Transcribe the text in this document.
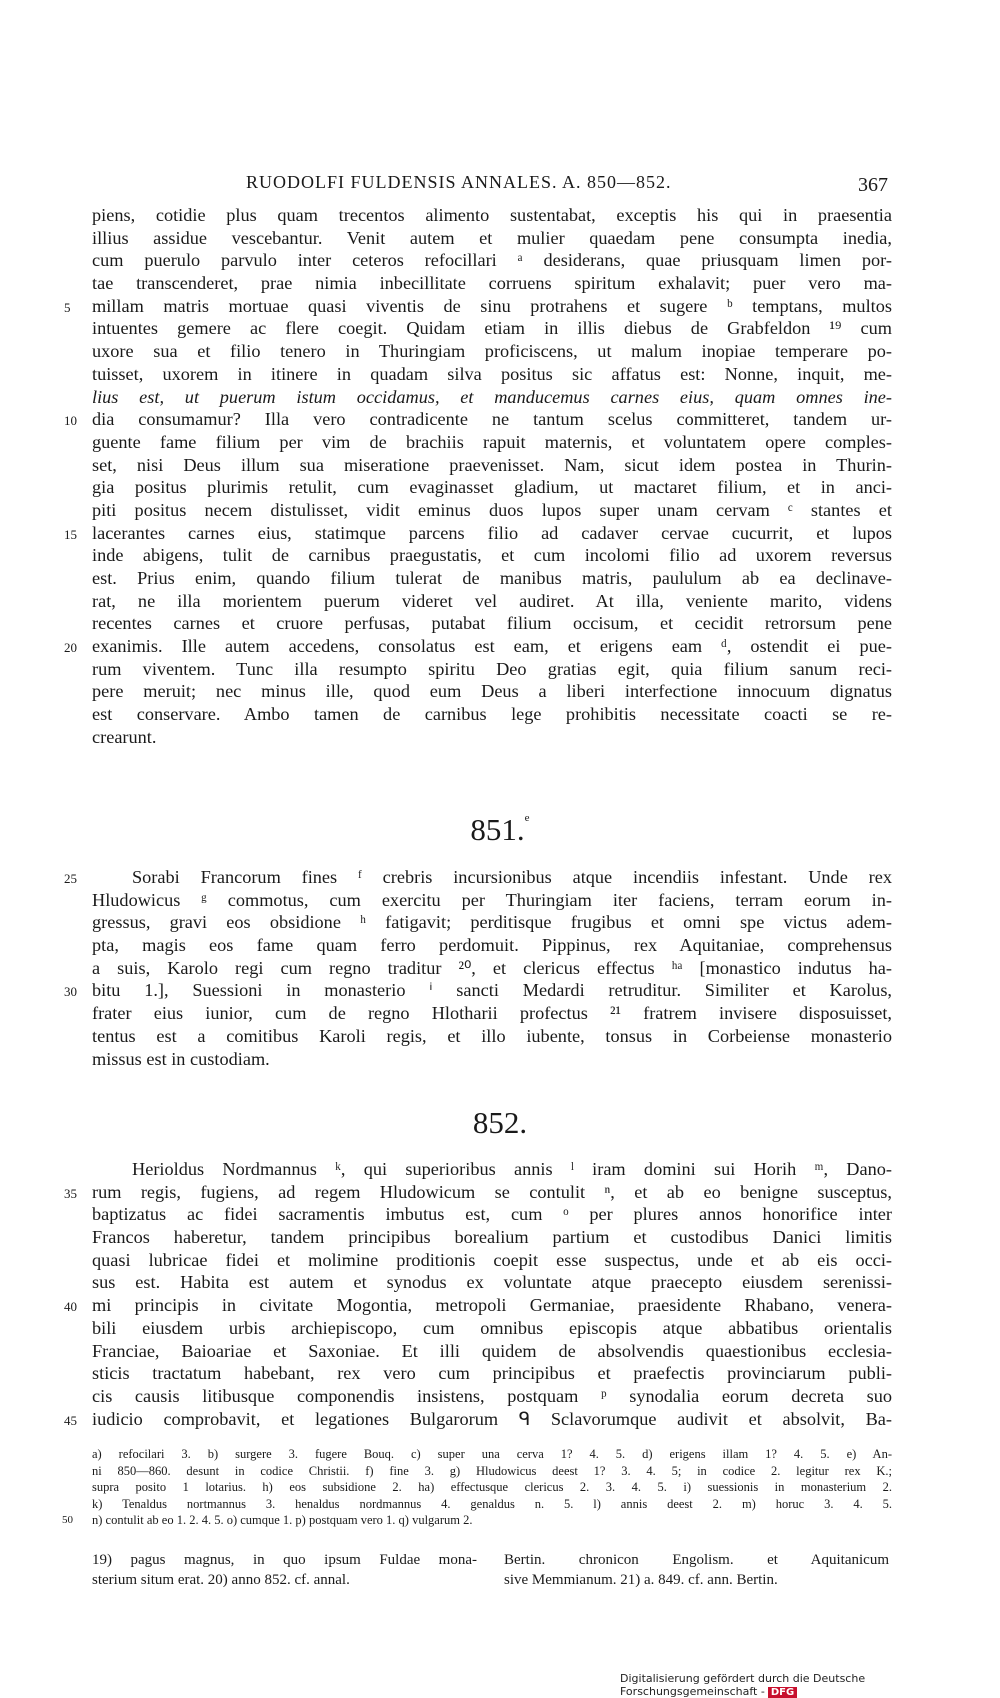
RUODOLFI FULDENSIS ANNALES. A. 850—852.	367
piens, cotidie plus quam trecentos alimento sustentabat, exceptis his qui in praesentia
illius assidue vescebantur. Venit autem et mulier quaedam pene consumpta inedia,
cum puerulo parvulo inter ceteros refocillari ᵃ desiderans, quae priusquam limen por-
tae transcenderet, prae nimia inbecillitate corruens spiritum exhalavit; puer vero ma-
5 millam matris mortuae quasi viventis de sinu protrahens et sugere ᵇ temptans, multos
intuentes gemere ac flere coegit. Quidam etiam in illis diebus de Grabfeldon ¹⁹ cum
uxore sua et filio tenero in Thuringiam proficiscens, ut malum inopiae temperare po-
tuisset, uxorem in itinere in quadam silva positus sic affatus est: Nonne, inquit, me-
lius est, ut puerum istum occidamus, et manducemus carnes eius, quam omnes ine-
10 dia consumamur? Illa vero contradicente ne tantum scelus committeret, tandem ur-
guente fame filium per vim de brachiis rapuit maternis, et voluntatem opere comples-
set, nisi Deus illum sua miseratione praevenisset. Nam, sicut idem postea in Thurin-
gia positus plurimis retulit, cum evaginasset gladium, ut mactaret filium, et in anci-
piti positus necem distulisset, vidit eminus duos lupos super unam cervam ᶜ stantes et
15 lacerantes carnes eius, statimque parcens filio ad cadaver cervae cucurrit, et lupos
inde abigens, tulit de carnibus praegustatis, et cum incolomi filio ad uxorem reversus
est. Prius enim, quando filium tulerat de manibus matris, paululum ab ea declinave-
rat, ne illa morientem puerum videret vel audiret. At illa, veniente marito, videns
recentes carnes et cruore perfusas, putabat filium occisum, et cecidit retrorsum pene
20 exanimis. Ille autem accedens, consolatus est eam, et erigens eam ᵈ, ostendit ei pue-
rum viventem. Tunc illa resumpto spiritu Deo gratias egit, quia filium sanum reci-
pere meruit; nec minus ille, quod eum Deus a liberi interfectione innocuum dignatus
est conservare. Ambo tamen de carnibus lege prohibitis necessitate coacti se re-
crearunt.
851.$^e$
25	Sorabi Francorum fines ᶠ crebris incursionibus atque incendiis infestant. Unde rex
Hludowicus ᵍ commotus, cum exercitu per Thuringiam iter faciens, terram eorum in-
gressus, gravi eos obsidione ʰ fatigavit; perditisque frugibus et omni spe victus adem-
pta, magis eos fame quam ferro perdomuit. Pippinus, rex Aquitaniae, comprehensus
a suis, Karolo regi cum regno traditur ²⁰, et clericus effectus ʰᵃ [monastico indutus ha-
30 bitu 1.], Suessioni in monasterio ⁱ sancti Medardi retruditur. Similiter et Karolus,
frater eius iunior, cum de regno Hlotharii profectus ²¹ fratrem invisere disposuisset,
tentus est a comitibus Karoli regis, et illo iubente, tonsus in Corbeiense monasterio
missus est in custodiam.
852.
Herioldus Nordmannus ᵏ, qui superioribus annis ˡ iram domini sui Horih ᵐ, Dano-
35 rum regis, fugiens, ad regem Hludowicum se contulit ⁿ, et ab eo benigne susceptus,
baptizatus ac fidei sacramentis imbutus est, cum ᵒ per plures annos honorifice inter
Francos haberetur, tandem principibus borealium partium et custodibus Danici limitis
quasi lubricae fidei et molimine proditionis coepit esse suspectus, unde et ab eis occi-
sus est. Habita est autem et synodus ex voluntate atque praecepto eiusdem serenissi-
40 mi principis in civitate Mogontia, metropoli Germaniae, praesidente Rhabano, venera-
bili eiusdem urbis archiepiscopo, cum omnibus episcopis atque abbatibus orientalis
Franciae, Baioariae et Saxoniae. Et illi quidem de absolvendis quaestionibus ecclesia-
sticis tractatum habebant, rex vero cum principibus et praefectis provinciarum publi-
cis causis litibusque componendis insistens, postquam ᵖ synodalia eorum decreta suo
45 iudicio comprobavit, et legationes Bulgarorum ᑫ Sclavorumque audivit et absolvit, Ba-
a) refocilari 3. b) surgere 3. fugere Bouq. c) super una cerva 1? 4. 5. d) erigens illam 1? 4. 5. e) An-
ni 850—860. desunt in codice Christii. f) fine 3. g) Hludowicus deest 1? 3. 4. 5; in codice 2. legitur rex K.;
supra posito 1 lotarius. h) eos subsidione 2. ha) effectusque clericus 2. 3. 4. 5. i) suessionis in monasterium 2.
k) Tenaldus nortmannus 3. henaldus nordmannus 4. genaldus n. 5. l) annis deest 2. m) horuc 3. 4. 5.
50 n) contulit ab eo 1. 2. 4. 5. o) cumque 1. p) postquam vero 1. q) vulgarum 2.
19) pagus magnus, in quo ipsum Fuldae mona-
sterium situm erat. 20) anno 852. cf. annal.
Bertin. chronicon Engolism. et Aquitanicum
sive Memmianum. 21) a. 849. cf. ann. Bertin.
Digitalisierung gefördert durch die Deutsche Forschungsgemeinschaft - DFG
